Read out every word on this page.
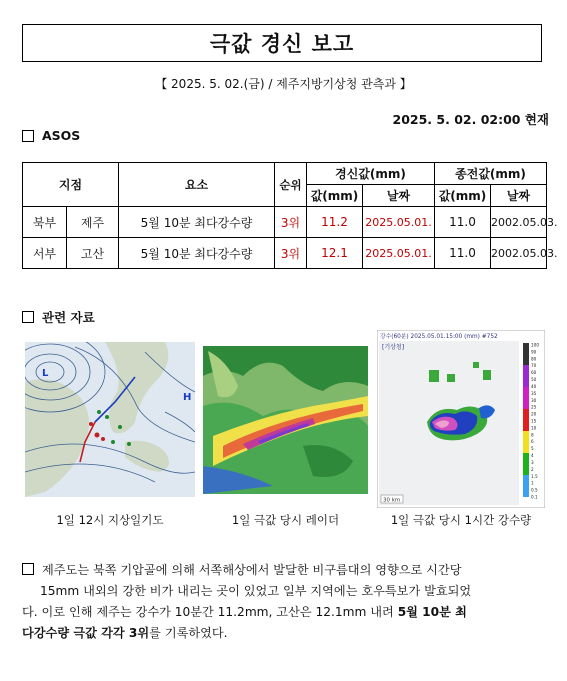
극값 경신 보고
【 2025. 5. 02.(금) / 제주지방기상청 관측과 】
2025. 5. 02. 02:00 현재
ASOS
지점		요소	순위	경신값(mm)		종전값(mm)	
				값(mm)	날짜	값(mm)	날짜
북부	제주	5월 10분 최다강수량	3위	11.2	2025.05.01.	11.0	2002.05.03.
서부	고산	5월 10분 최다강수량	3위	12.1	2025.05.01.	11.0	2002.05.03.
관련 자료
L
H
강수(60분) 2025.05.01.15:00 (mm) #752
[기상청]
30 km
100
90
80
70
60
50
40
35
30
25
20
15
10
8
6
5
4
3
2
1.5
1
0.5
0.1
1일 12시 지상일기도	1일 극값 당시 레이더	1일 극값 당시 1시간 강수량
제주도는 북쪽 기압골에 의해 서쪽해상에서 발달한 비구름대의 영향으로 시간당
15mm 내외의 강한 비가 내리는 곳이 있었고 일부 지역에는 호우특보가 발효되었
다. 이로 인해 제주는 강수가 10분간 11.2mm, 고산은 12.1mm 내려 5월 10분 최
다강수량 극값 각각 3위를 기록하였다.
